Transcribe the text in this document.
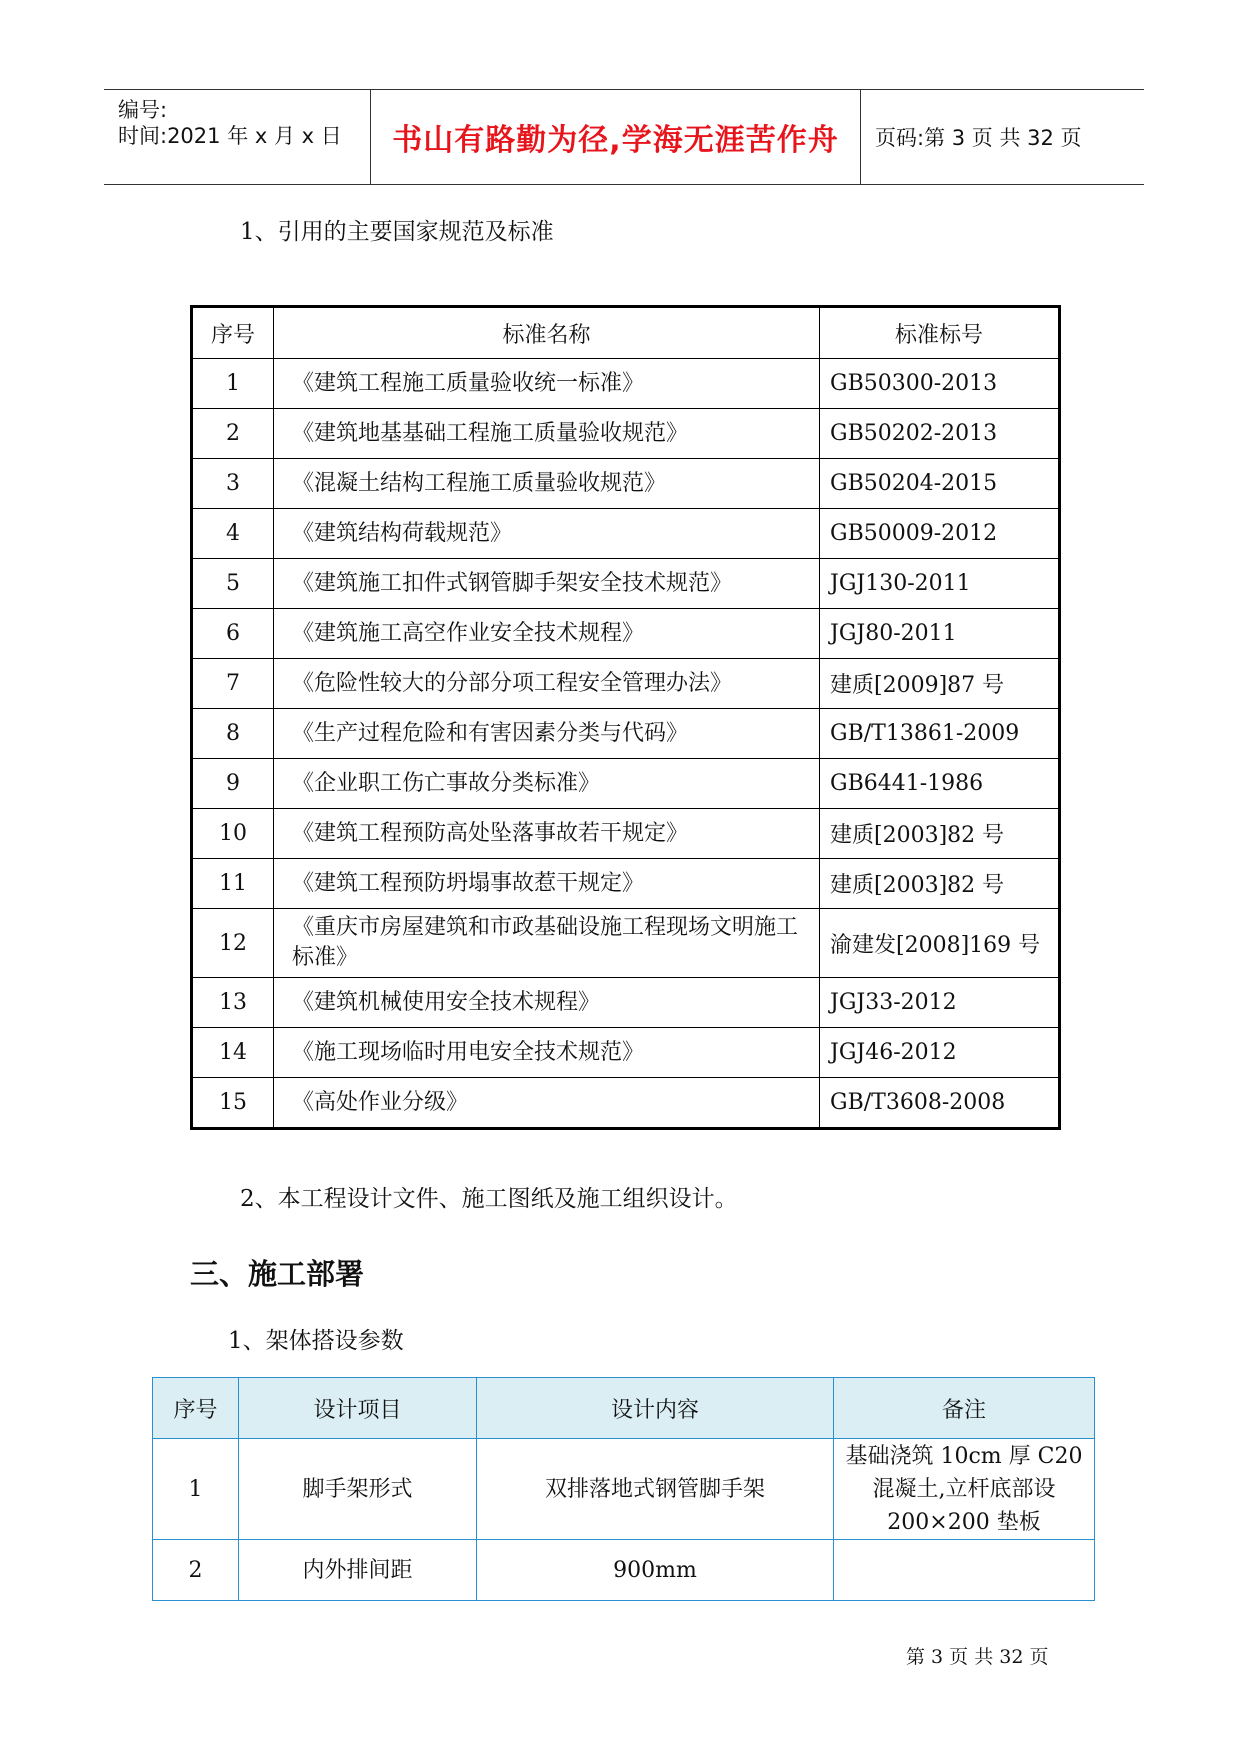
编号:
时间:2021 年 x 月 x 日 书山有路勤为径,学海无涯苦作舟 页码:第 3 页 共 32 页
1、引用的主要国家规范及标准
序号	标准名称	标准标号
1	《建筑工程施工质量验收统一标准》	GB50300-2013
2	《建筑地基基础工程施工质量验收规范》	GB50202-2013
3	《混凝土结构工程施工质量验收规范》	GB50204-2015
4	《建筑结构荷载规范》	GB50009-2012
5	《建筑施工扣件式钢管脚手架安全技术规范》	JGJ130-2011
6	《建筑施工高空作业安全技术规程》	JGJ80-2011
7	《危险性较大的分部分项工程安全管理办法》	建质[2009]87 号
8	《生产过程危险和有害因素分类与代码》	GB/T13861-2009
9	《企业职工伤亡事故分类标准》	GB6441-1986
10	《建筑工程预防高处坠落事故若干规定》	建质[2003]82 号
11	《建筑工程预防坍塌事故惹干规定》	建质[2003]82 号
12	《重庆市房屋建筑和市政基础设施工程现场文明施工标准》	渝建发[2008]169 号
13	《建筑机械使用安全技术规程》	JGJ33-2012
14	《施工现场临时用电安全技术规范》	JGJ46-2012
15	《高处作业分级》	GB/T3608-2008
2、本工程设计文件、施工图纸及施工组织设计。
三、施工部署
1、架体搭设参数
序号	设计项目	设计内容	备注
1	脚手架形式	双排落地式钢管脚手架	基础浇筑 10cm 厚 C20 混凝土,立杆底部设 200×200 垫板
2	内外排间距	900mm	
第 3 页 共 32 页
